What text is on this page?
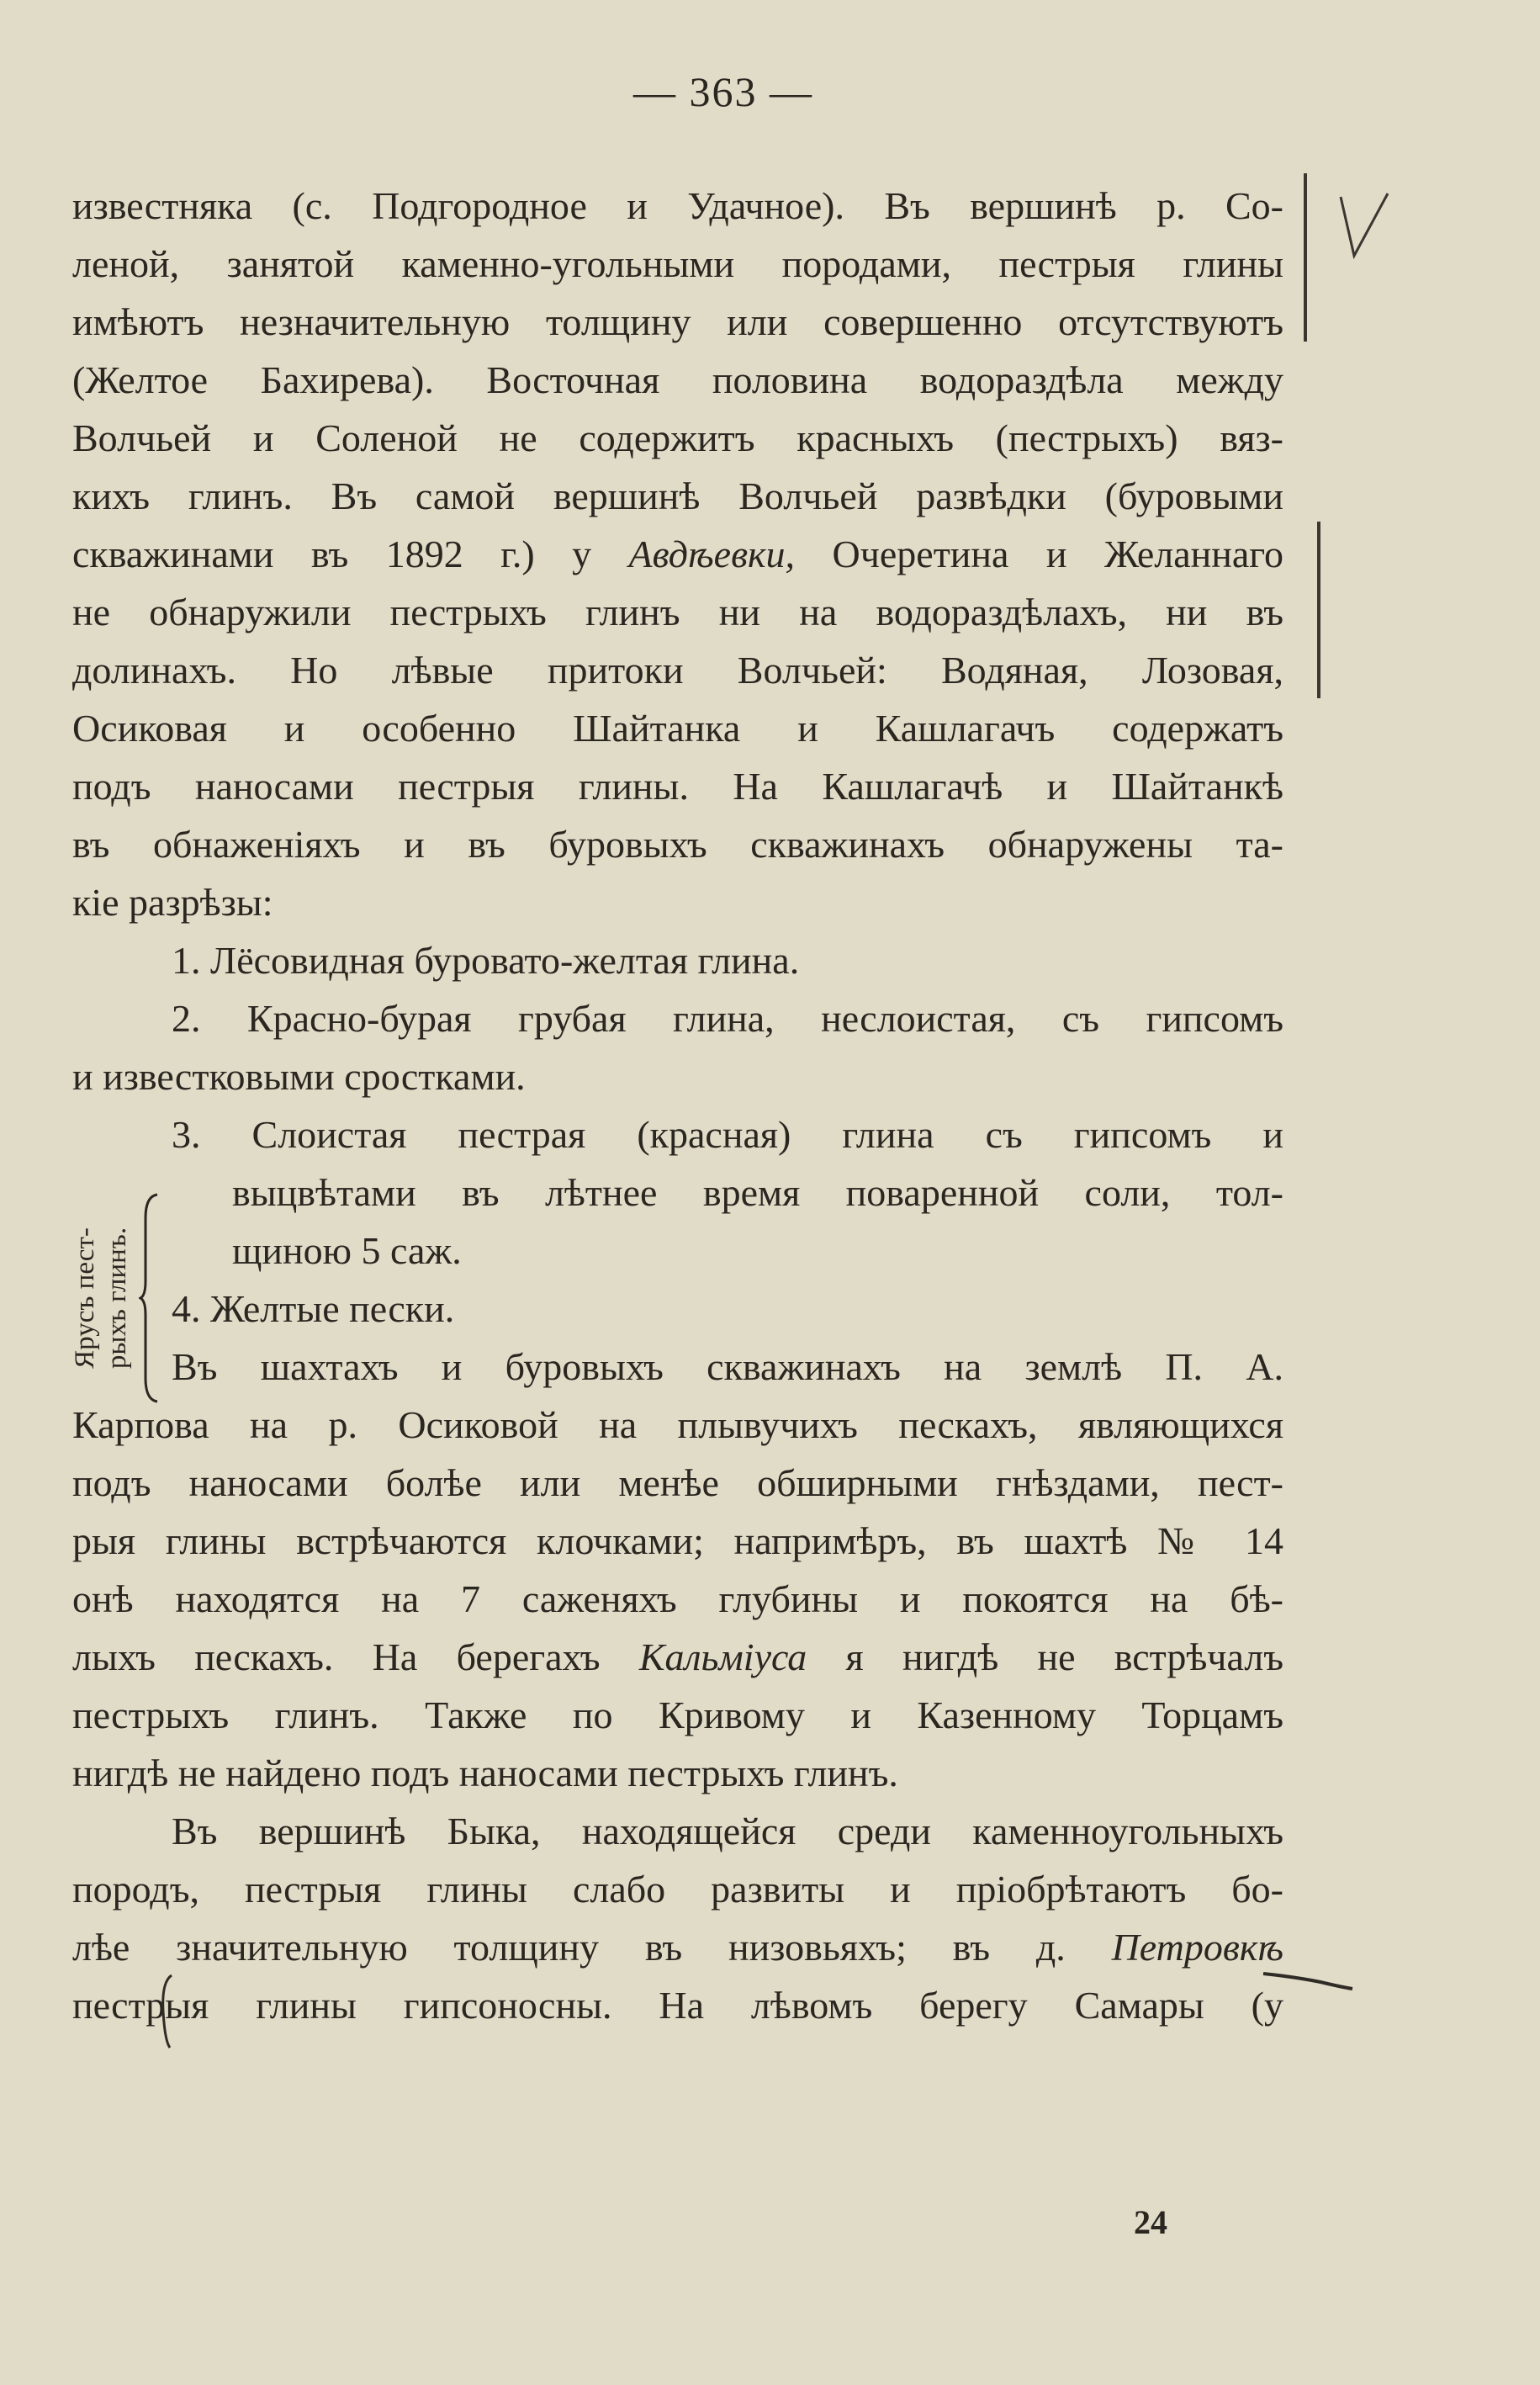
— 363 —
известняка (с. Подгородное и Удачное). Въ вершинѣ р. Со-
леной, занятой каменно-угольными породами, пестрыя глины
имѣютъ незначительную толщину или совершенно отсутствуютъ
(Желтое Бахирева). Восточная половина водораздѣла между
Волчьей и Соленой не содержитъ красныхъ (пестрыхъ) вяз-
кихъ глинъ. Въ самой вершинѣ Волчьей развѣдки (буровыми
скважинами въ 1892 г.) у Авдѣевки, Очеретина и Желаннаго
не обнаружили пестрыхъ глинъ ни на водораздѣлахъ, ни въ
долинахъ. Но лѣвые притоки Волчьей: Водяная, Лозовая,
Осиковая и особенно Шайтанка и Кашлагачъ содержатъ
подъ наносами пестрыя глины. На Кашлагачѣ и Шайтанкѣ
въ обнаженiяхъ и въ буровыхъ скважинахъ обнаружены та-
кiе разрѣзы:
1. Лёсовидная буровато-желтая глина.
2. Красно-бурая грубая глина, неслоистая, съ гипсомъ
и известковыми сростками.
3. Слоистая пестрая (красная) глина съ гипсомъ и
выцвѣтами въ лѣтнее время поваренной соли, тол-
щиною 5 саж.
4. Желтые пески.
Въ шахтахъ и буровыхъ скважинахъ на землѣ П. А.
Карпова на р. Осиковой на плывучихъ пескахъ, являющихся
подъ наносами болѣе или менѣе обширными гнѣздами, пест-
рыя глины встрѣчаются клочками; напримѣръ, въ шахтѣ № 14
онѣ находятся на 7 саженяхъ глубины и покоятся на бѣ-
лыхъ пескахъ. На берегахъ Кальмiуса я нигдѣ не встрѣчалъ
пестрыхъ глинъ. Также по Кривому и Казенному Торцамъ
нигдѣ не найдено подъ наносами пестрыхъ глинъ.
Въ вершинѣ Быка, находящейся среди каменноугольныхъ
породъ, пестрыя глины слабо развиты и прiобрѣтаютъ бо-
лѣе значительную толщину въ низовьяхъ; въ д. Петровкѣ
пестрыя глины гипсоносны. На лѣвомъ берегу Самары (у
Ярусъ пест- рыхъ глинъ.
24
